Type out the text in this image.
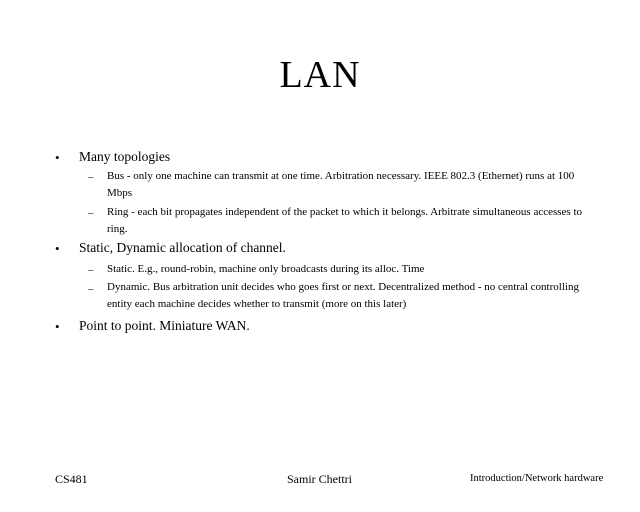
LAN
• Many topologies
– Bus - only one machine can transmit at one time. Arbitration necessary. IEEE 802.3 (Ethernet) runs at 100 Mbps
– Ring - each bit propagates independent of the packet to which it belongs. Arbitrate simultaneous accesses to ring.
• Static, Dynamic allocation of channel.
– Static. E.g., round-robin, machine only broadcasts during its alloc. Time
– Dynamic. Bus arbitration unit decides who goes first or next. Decentralized method - no central controlling entity each machine decides whether to transmit (more on this later)
• Point to point. Miniature WAN.
CS481	Samir Chettri	Introduction/Network hardware
